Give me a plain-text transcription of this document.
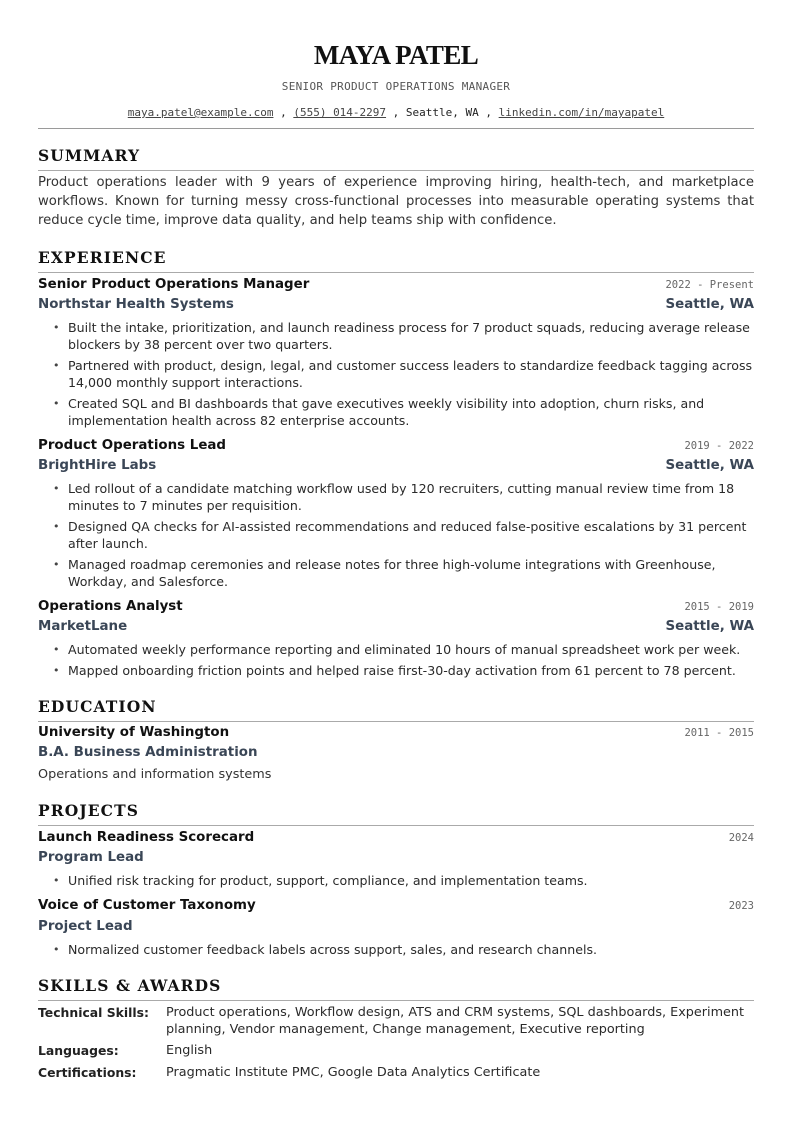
MAYA PATEL
SENIOR PRODUCT OPERATIONS MANAGER
maya.patel@example.com , (555) 014-2297 , Seattle, WA , linkedin.com/in/mayapatel
SUMMARY
Product operations leader with 9 years of experience improving hiring, health-tech, and marketplace workflows. Known for turning messy cross-functional processes into measurable operating systems that reduce cycle time, improve data quality, and help teams ship with confidence.
EXPERIENCE
Senior Product Operations Manager	2022 - Present
Northstar Health Systems	Seattle, WA
• Built the intake, prioritization, and launch readiness process for 7 product squads, reducing average release blockers by 38 percent over two quarters.
• Partnered with product, design, legal, and customer success leaders to standardize feedback tagging across 14,000 monthly support interactions.
• Created SQL and BI dashboards that gave executives weekly visibility into adoption, churn risks, and implementation health across 82 enterprise accounts.
Product Operations Lead	2019 - 2022
BrightHire Labs	Seattle, WA
• Led rollout of a candidate matching workflow used by 120 recruiters, cutting manual review time from 18 minutes to 7 minutes per requisition.
• Designed QA checks for AI-assisted recommendations and reduced false-positive escalations by 31 percent after launch.
• Managed roadmap ceremonies and release notes for three high-volume integrations with Greenhouse, Workday, and Salesforce.
Operations Analyst	2015 - 2019
MarketLane	Seattle, WA
• Automated weekly performance reporting and eliminated 10 hours of manual spreadsheet work per week.
• Mapped onboarding friction points and helped raise first-30-day activation from 61 percent to 78 percent.
EDUCATION
University of Washington	2011 - 2015
B.A. Business Administration
Operations and information systems
PROJECTS
Launch Readiness Scorecard	2024
Program Lead
• Unified risk tracking for product, support, compliance, and implementation teams.
Voice of Customer Taxonomy	2023
Project Lead
• Normalized customer feedback labels across support, sales, and research channels.
SKILLS & AWARDS
Technical Skills:	Product operations, Workflow design, ATS and CRM systems, SQL dashboards, Experiment planning, Vendor management, Change management, Executive reporting
Languages:	English
Certifications:	Pragmatic Institute PMC, Google Data Analytics Certificate
